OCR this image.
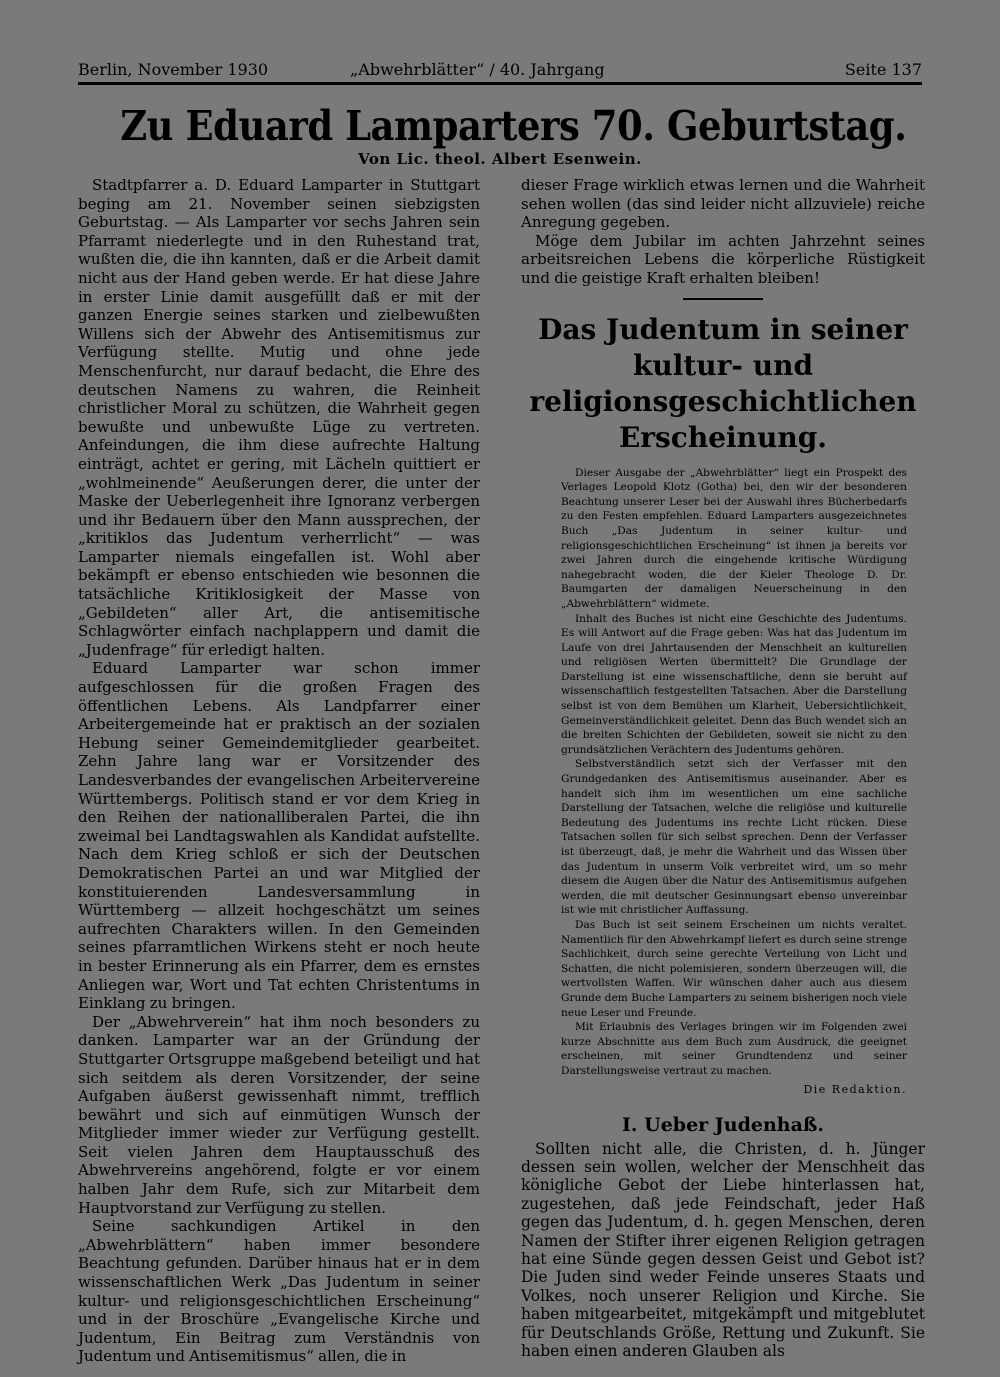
Berlin, November 1930	„Abwehrblätter“ / 40. Jahrgang	Seite 137
Zu Eduard Lamparters 70. Geburtstag.
Von Lic. theol. Albert Esenwein.

Stadtpfarrer a. D. Eduard Lamparter in Stuttgart beging am 21. November seinen siebzigsten Geburtstag. — Als Lamparter vor sechs Jahren sein Pfarramt niederlegte und in den Ruhestand trat, wußten die, die ihn kannten, daß er die Arbeit damit nicht aus der Hand geben werde. Er hat diese Jahre in erster Linie damit ausgefüllt daß er mit der ganzen Energie seines starken und zielbewußten Willens sich der Abwehr des Antisemitismus zur Verfügung stellte. Mutig und ohne jede Menschenfurcht, nur darauf bedacht, die Ehre des deutschen Namens zu wahren, die Reinheit christlicher Moral zu schützen, die Wahrheit gegen bewußte und unbewußte Lüge zu vertreten. Anfeindungen, die ihm diese aufrechte Haltung einträgt, achtet er gering, mit Lächeln quittiert er „wohlmeinende“ Aeußerungen derer, die unter der Maske der Ueberlegenheit ihre Ignoranz verbergen und ihr Bedauern über den Mann aussprechen, der „kritiklos das Judentum verherrlicht“ — was Lamparter niemals eingefallen ist. Wohl aber bekämpft er ebenso entschieden wie besonnen die tatsächliche Kritiklosigkeit der Masse von „Gebildeten“ aller Art, die antisemitische Schlagwörter einfach nachplappern und damit die „Judenfrage“ für erledigt halten.

Eduard Lamparter war schon immer aufgeschlossen für die großen Fragen des öffentlichen Lebens. Als Landpfarrer einer Arbeitergemeinde hat er praktisch an der sozialen Hebung seiner Gemeindemitglieder gearbeitet. Zehn Jahre lang war er Vorsitzender des Landesverbandes der evangelischen Arbeitervereine Württembergs. Politisch stand er vor dem Krieg in den Reihen der nationalliberalen Partei, die ihn zweimal bei Landtagswahlen als Kandidat aufstellte. Nach dem Krieg schloß er sich der Deutschen Demokratischen Partei an und war Mitglied der konstituierenden Landesversammlung in Württemberg — allzeit hochgeschätzt um seines aufrechten Charakters willen. In den Gemeinden seines pfarramtlichen Wirkens steht er noch heute in bester Erinnerung als ein Pfarrer, dem es ernstes Anliegen war, Wort und Tat echten Christentums in Einklang zu bringen.

Der „Abwehrverein“ hat ihm noch besonders zu danken. Lamparter war an der Gründung der Stuttgarter Ortsgruppe maßgebend beteiligt und hat sich seitdem als deren Vorsitzender, der seine Aufgaben äußerst gewissenhaft nimmt, trefflich bewährt und sich auf einmütigen Wunsch der Mitglieder immer wieder zur Verfügung gestellt. Seit vielen Jahren dem Hauptausschuß des Abwehrvereins angehörend, folgte er vor einem halben Jahr dem Rufe, sich zur Mitarbeit dem Hauptvorstand zur Verfügung zu stellen.

Seine sachkundigen Artikel in den „Abwehrblättern“ haben immer besondere Beachtung gefunden. Darüber hinaus hat er in dem wissenschaftlichen Werk „Das Judentum in seiner kultur- und religionsgeschichtlichen Erscheinung“ und in der Broschüre „Evangelische Kirche und Judentum, Ein Beitrag zum Verständnis von Judentum und Antisemitismus“ allen, die in

dieser Frage wirklich etwas lernen und die Wahrheit sehen wollen (das sind leider nicht allzuviele) reiche Anregung gegeben.

Möge dem Jubilar im achten Jahrzehnt seines arbeitsreichen Lebens die körperliche Rüstigkeit und die geistige Kraft erhalten bleiben!

Das Judentum in seiner kultur- und religionsgeschichtlichen Erscheinung.

Dieser Ausgabe der „Abwehrblätter“ liegt ein Prospekt des Verlages Leopold Klotz (Gotha) bei, den wir der besonderen Beachtung unserer Leser bei der Auswahl ihres Bücherbedarfs zu den Festen empfehlen. Eduard Lamparters ausgezeichnetes Buch „Das Judentum in seiner kultur- und religionsgeschichtlichen Erscheinung“ ist ihnen ja bereits vor zwei Jahren durch die eingehende kritische Würdigung nahegebracht woden, die der Kieler Theologe D. Dr. Baumgarten der damaligen Neuerscheinung in den „Abwehrblättern“ widmete.

Inhalt des Buches ist nicht eine Geschichte des Judentums. Es will Antwort auf die Frage geben: Was hat das Judentum im Laufe von drei Jahrtausenden der Menschheit an kulturellen und religiösen Werten übermittelt? Die Grundlage der Darstellung ist eine wissenschaftliche, denn sie beruht auf wissenschaftlich festgestellten Tatsachen. Aber die Darstellung selbst ist von dem Bemühen um Klarheit, Uebersichtlichkeit, Gemeinverständlichkeit geleitet. Denn das Buch wendet sich an die breiten Schichten der Gebildeten, soweit sie nicht zu den grundsätzlichen Verächtern des Judentums gehören.

Selbstverständlich setzt sich der Verfasser mit den Grundgedanken des Antisemitismus auseinander. Aber es handelt sich ihm im wesentlichen um eine sachliche Darstellung der Tatsachen, welche die religiöse und kulturelle Bedeutung des Judentums ins rechte Licht rücken. Diese Tatsachen sollen für sich selbst sprechen. Denn der Verfasser ist überzeugt, daß, je mehr die Wahrheit und das Wissen über das Judentum in unserm Volk verbreitet wird, um so mehr diesem die Augen über die Natur des Antisemitismus aufgehen werden, die mit deutscher Gesinnungsart ebenso unvereinbar ist wie mit christlicher Auffassung.

Das Buch ist seit seinem Erscheinen um nichts veraltet. Namentlich für den Abwehrkampf liefert es durch seine strenge Sachlichkeit, durch seine gerechte Verteilung von Licht und Schatten, die nicht polemisieren, sondern überzeugen will, die wertvollsten Waffen. Wir wünschen daher auch aus diesem Grunde dem Buche Lamparters zu seinem bisherigen noch viele neue Leser und Freunde.

Mit Erlaubnis des Verlages bringen wir im Folgenden zwei kurze Abschnitte aus dem Buch zum Ausdruck, die geeignet erscheinen, mit seiner Grundtendenz und seiner Darstellungsweise vertraut zu machen.

Die Redaktion.
I. Ueber Judenhaß.

Sollten nicht alle, die Christen, d. h. Jünger dessen sein wollen, welcher der Menschheit das königliche Gebot der Liebe hinterlassen hat, zugestehen, daß jede Feindschaft, jeder Haß gegen das Judentum, d. h. gegen Menschen, deren Namen der Stifter ihrer eigenen Religion getragen hat eine Sünde gegen dessen Geist und Gebot ist? Die Juden sind weder Feinde unseres Staats und Volkes, noch unserer Religion und Kirche. Sie haben mitgearbeitet, mitgekämpft und mitgeblutet für Deutschlands Größe, Rettung und Zukunft. Sie haben einen anderen Glauben als
